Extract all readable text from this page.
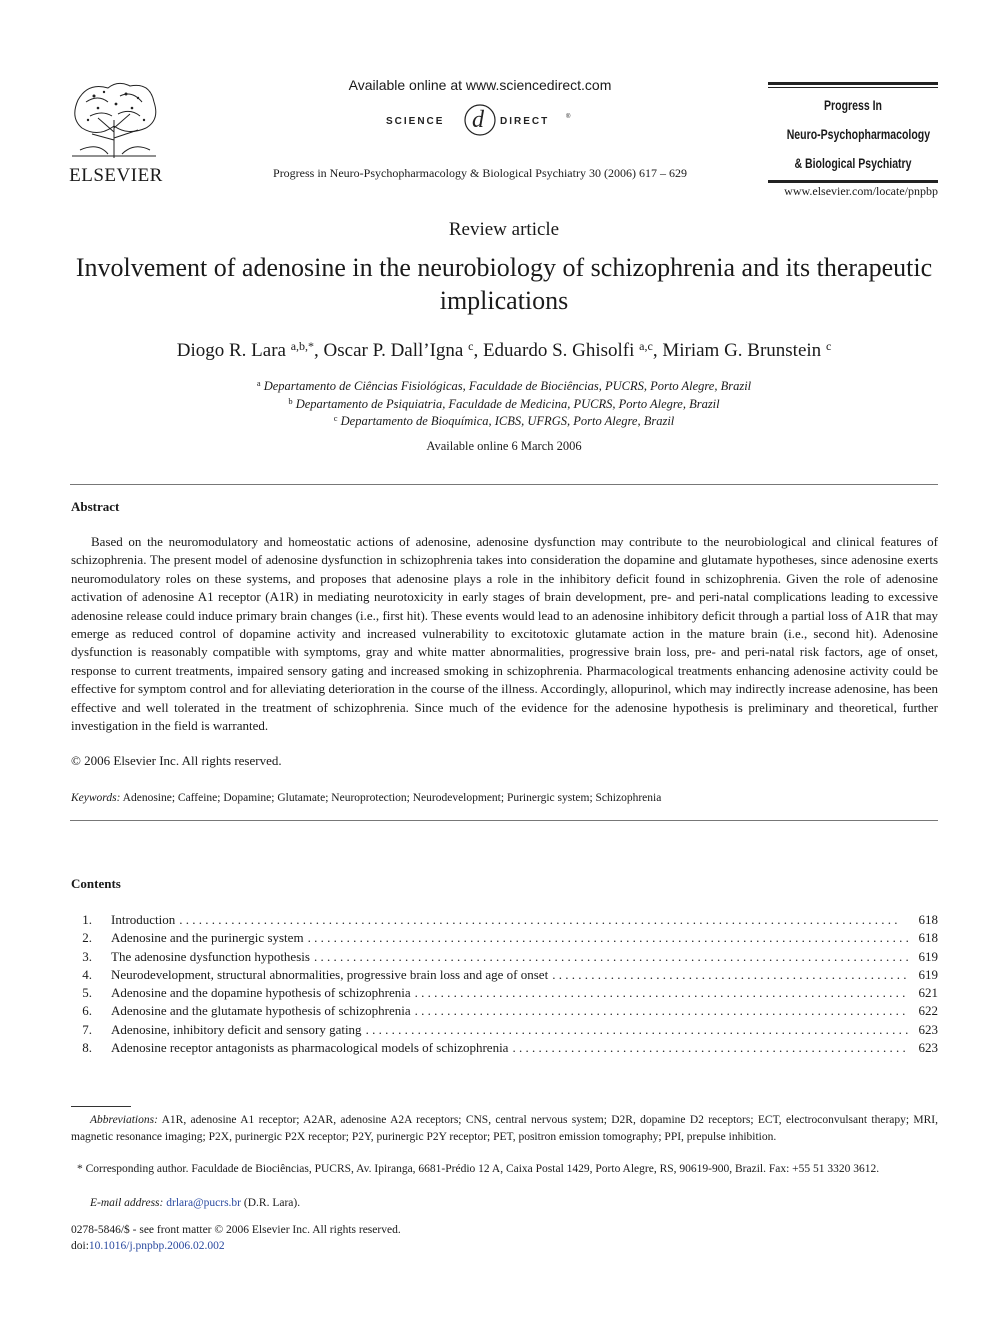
ELSEVIER
Available online at www.sciencedirect.com
SCIENCE d DIRECT	®
Progress in Neuro-Psychopharmacology & Biological Psychiatry 30 (2006) 617 – 629
Progress In
Neuro-Psychopharmacology
& Biological Psychiatry
www.elsevier.com/locate/pnpbp
Review article
Involvement of adenosine in the neurobiology of schizophrenia and its therapeutic implications
Diogo R. Lara $^{a,b,*}$, Oscar P. Dall’Igna $^c$, Eduardo S. Ghisolfi $^{a,c}$, Miriam G. Brunstein $^c$
$^a$ Departamento de Ciências Fisiológicas, Faculdade de Biociências, PUCRS, Porto Alegre, Brazil
$^b$ Departamento de Psiquiatria, Faculdade de Medicina, PUCRS, Porto Alegre, Brazil
$^c$ Departamento de Bioquímica, ICBS, UFRGS, Porto Alegre, Brazil
Available online 6 March 2006
Abstract
Based on the neuromodulatory and homeostatic actions of adenosine, adenosine dysfunction may contribute to the neurobiological and clinical features of schizophrenia. The present model of adenosine dysfunction in schizophrenia takes into consideration the dopamine and glutamate hypotheses, since adenosine exerts neuromodulatory roles on these systems, and proposes that adenosine plays a role in the inhibitory deficit found in schizophrenia. Given the role of adenosine activation of adenosine A1 receptor (A1R) in mediating neurotoxicity in early stages of brain development, pre- and peri-natal complications leading to excessive adenosine release could induce primary brain changes (i.e., first hit). These events would lead to an adenosine inhibitory deficit through a partial loss of A1R that may emerge as reduced control of dopamine activity and increased vulnerability to excitotoxic glutamate action in the mature brain (i.e., second hit). Adenosine dysfunction is reasonably compatible with symptoms, gray and white matter abnormalities, progressive brain loss, pre- and peri-natal risk factors, age of onset, response to current treatments, impaired sensory gating and increased smoking in schizophrenia. Pharmacological treatments enhancing adenosine activity could be effective for symptom control and for alleviating deterioration in the course of the illness. Accordingly, allopurinol, which may indirectly increase adenosine, has been effective and well tolerated in the treatment of schizophrenia. Since much of the evidence for the adenosine hypothesis is preliminary and theoretical, further investigation in the field is warranted.
© 2006 Elsevier Inc. All rights reserved.
Keywords: Adenosine; Caffeine; Dopamine; Glutamate; Neuroprotection; Neurodevelopment; Purinergic system; Schizophrenia
Contents
1. Introduction . . .	618
2. Adenosine and the purinergic system . . .	618
3. The adenosine dysfunction hypothesis . . .	619
4. Neurodevelopment, structural abnormalities, progressive brain loss and age of onset . . .	619
5. Adenosine and the dopamine hypothesis of schizophrenia . . .	621
6. Adenosine and the glutamate hypothesis of schizophrenia . . .	622
7. Adenosine, inhibitory deficit and sensory gating . . .	623
8. Adenosine receptor antagonists as pharmacological models of schizophrenia . . .	623
Abbreviations: A1R, adenosine A1 receptor; A2AR, adenosine A2A receptors; CNS, central nervous system; D2R, dopamine D2 receptors; ECT, electroconvulsant therapy; MRI, magnetic resonance imaging; P2X, purinergic P2X receptor; P2Y, purinergic P2Y receptor; PET, positron emission tomography; PPI, prepulse inhibition.
* Corresponding author. Faculdade de Biociências, PUCRS, Av. Ipiranga, 6681-Prédio 12 A, Caixa Postal 1429, Porto Alegre, RS, 90619-900, Brazil. Fax: +55 51 3320 3612.
E-mail address: drlara@pucrs.br (D.R. Lara).
0278-5846/$ - see front matter © 2006 Elsevier Inc. All rights reserved.
doi:10.1016/j.pnpbp.2006.02.002
